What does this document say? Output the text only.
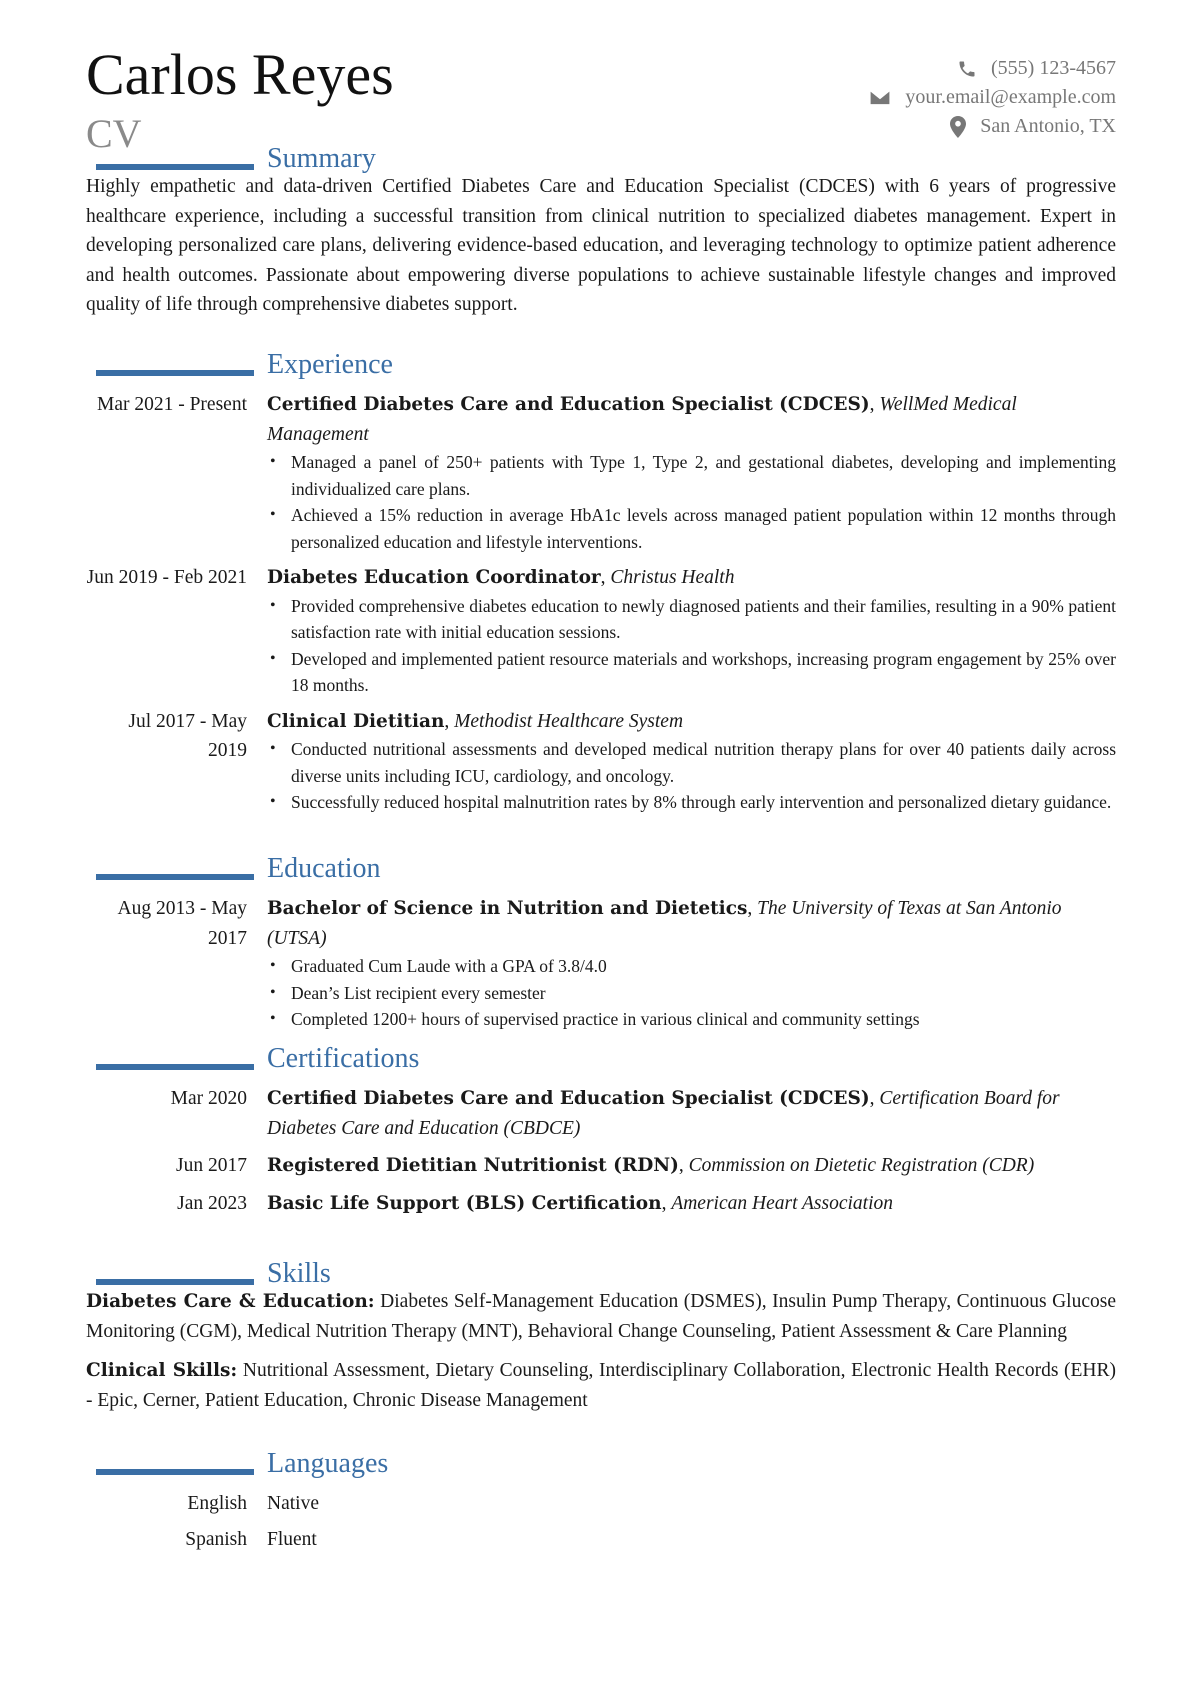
Carlos Reyes
CV
(555) 123-4567
your.email@example.com
San Antonio, TX
Summary
Highly empathetic and data-driven Certified Diabetes Care and Education Specialist (CDCES) with 6 years of progressive healthcare experience, including a successful transition from clinical nutrition to specialized diabetes management. Expert in developing personalized care plans, delivering evidence-based education, and leveraging technology to optimize patient adherence and health outcomes. Passionate about empowering diverse populations to achieve sustainable lifestyle changes and improved quality of life through comprehensive diabetes support.
Experience
Mar 2021 - Present Certified Diabetes Care and Education Specialist (CDCES), WellMed Medical Management
• Managed a panel of 250+ patients with Type 1, Type 2, and gestational diabetes, developing and implementing individualized care plans.
• Achieved a 15% reduction in average HbA1c levels across managed patient population within 12 months through personalized education and lifestyle interventions.
Jun 2019 - Feb 2021 Diabetes Education Coordinator, Christus Health
• Provided comprehensive diabetes education to newly diagnosed patients and their families, resulting in a 90% patient satisfaction rate with initial education sessions.
• Developed and implemented patient resource materials and workshops, increasing program engagement by 25% over 18 months.
Jul 2017 - May 2019
Clinical Dietitian, Methodist Healthcare System
• Conducted nutritional assessments and developed medical nutrition therapy plans for over 40 patients daily across diverse units including ICU, cardiology, and oncology.
• Successfully reduced hospital malnutrition rates by 8% through early intervention and personalized dietary guidance.
Education
Aug 2013 - May 2017
Bachelor of Science in Nutrition and Dietetics, The University of Texas at San Antonio (UTSA)
• Graduated Cum Laude with a GPA of 3.8/4.0
• Dean’s List recipient every semester
• Completed 1200+ hours of supervised practice in various clinical and community settings
Certifications
Mar 2020 Certified Diabetes Care and Education Specialist (CDCES), Certification Board for Diabetes Care and Education (CBDCE)
Jun 2017 Registered Dietitian Nutritionist (RDN), Commission on Dietetic Registration (CDR)
Jan 2023 Basic Life Support (BLS) Certification, American Heart Association
Skills
Diabetes Care & Education: Diabetes Self-Management Education (DSMES), Insulin Pump Therapy, Continuous Glucose Monitoring (CGM), Medical Nutrition Therapy (MNT), Behavioral Change Counseling, Patient Assessment & Care Planning
Clinical Skills: Nutritional Assessment, Dietary Counseling, Interdisciplinary Collaboration, Electronic Health Records (EHR) - Epic, Cerner, Patient Education, Chronic Disease Management
Languages
English Native
Spanish Fluent
